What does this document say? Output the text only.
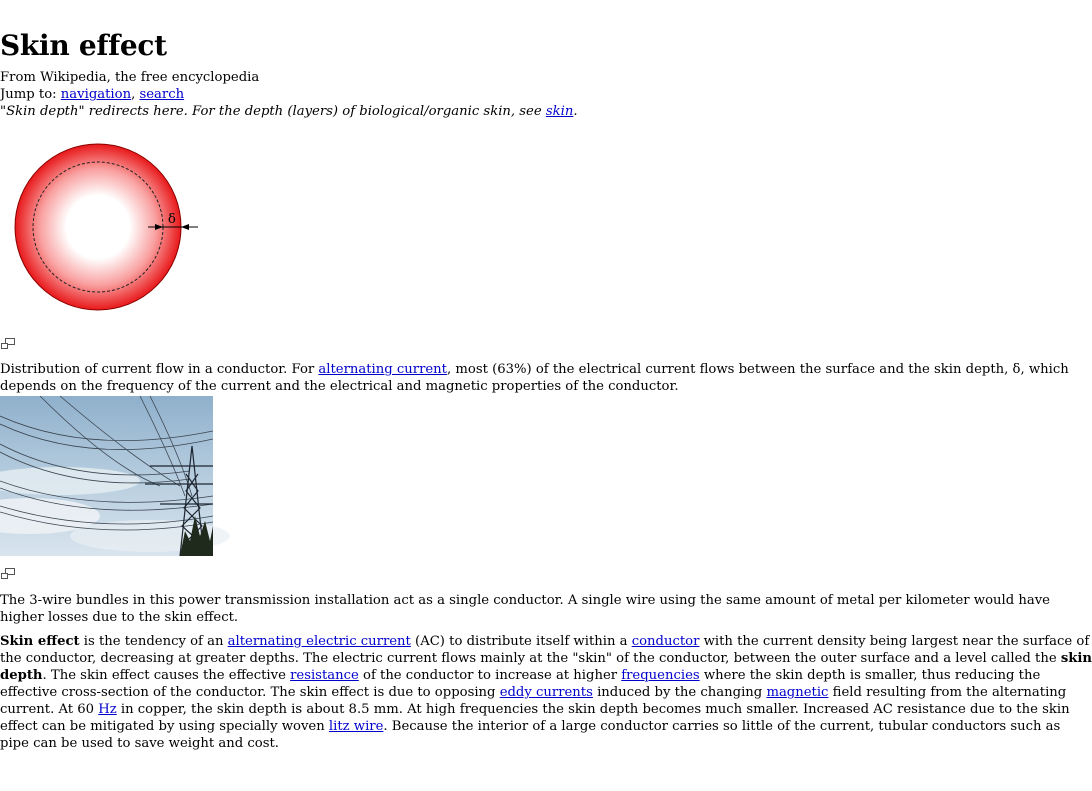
Skin effect
From Wikipedia, the free encyclopedia
Jump to: navigation, search
"Skin depth" redirects here. For the depth (layers) of biological/organic skin, see skin.
δ
Distribution of current flow in a conductor. For alternating current, most (63%) of the electrical current flows between the surface and the skin depth, δ, which
depends on the frequency of the current and the electrical and magnetic properties of the conductor.
The 3-wire bundles in this power transmission installation act as a single conductor. A single wire using the same amount of metal per kilometer would have
higher losses due to the skin effect.
Skin effect is the tendency of an alternating electric current (AC) to distribute itself within a conductor with the current density being largest near the surface of
the conductor, decreasing at greater depths. The electric current flows mainly at the "skin" of the conductor, between the outer surface and a level called the skin
depth. The skin effect causes the effective resistance of the conductor to increase at higher frequencies where the skin depth is smaller, thus reducing the
effective cross-section of the conductor. The skin effect is due to opposing eddy currents induced by the changing magnetic field resulting from the alternating
current. At 60 Hz in copper, the skin depth is about 8.5 mm. At high frequencies the skin depth becomes much smaller. Increased AC resistance due to the skin
effect can be mitigated by using specially woven litz wire. Because the interior of a large conductor carries so little of the current, tubular conductors such as
pipe can be used to save weight and cost.
